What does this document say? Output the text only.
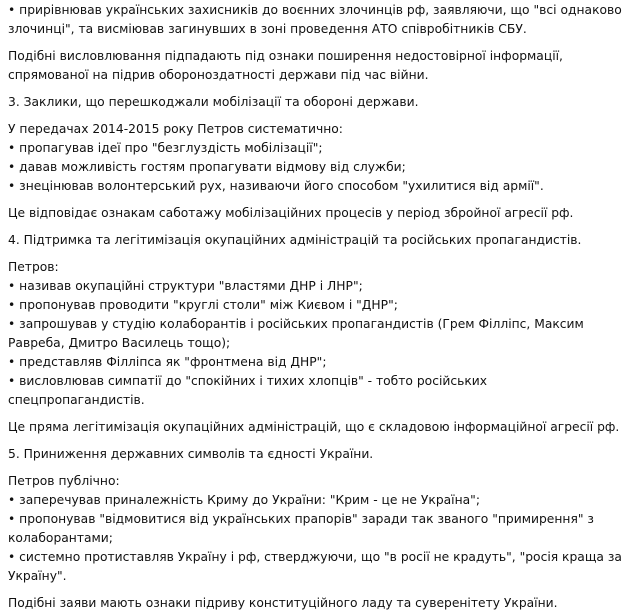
• прирівнював українських захисників до воєнних злочинців рф, заявляючи, що "всі однаково
злочинці", та висміював загинувших в зоні проведення АТО співробітників СБУ.

Подібні висловлювання підпадають під ознаки поширення недостовірної інформації,
спрямованої на підрив обороноздатності держави під час війни.

3. Заклики, що перешкоджали мобілізації та обороні держави.

У передачах 2014-2015 року Петров систематично:
• пропагував ідеї про "безглуздість мобілізації";
• давав можливість гостям пропагувати відмову від служби;
• знецінював волонтерський рух, називаючи його способом "ухилитися від армії".

Це відповідає ознакам саботажу мобілізаційних процесів у період збройної агресії рф.

4. Підтримка та легітимізація окупаційних адміністрацій та російських пропагандистів.

Петров:
• називав окупаційні структури "властями ДНР і ЛНР";
• пропонував проводити "круглі столи" між Києвом і "ДНР";
• запрошував у студію колаборантів і російських пропагандистів (Грем Філліпс, Максим
Равреба, Дмитро Василець тощо);
• представляв Філліпса як "фронтмена від ДНР";
• висловлював симпатії до "спокійних і тихих хлопців" - тобто російських спецпропагандистів.

Це пряма легітимізація окупаційних адміністрацій, що є складовою інформаційної агресії рф.

5. Приниження державних символів та єдності України.

Петров публічно:
• заперечував приналежність Криму до України: "Крим - це не Україна";
• пропонував "відмовитися від українських прапорів" заради так званого "примирення" з
колаборантами;
• системно протиставляв Україну і рф, стверджуючи, що "в росії не крадуть", "росія краща за
Україну".

Подібні заяви мають ознаки підриву конституційного ладу та суверенітету України.
